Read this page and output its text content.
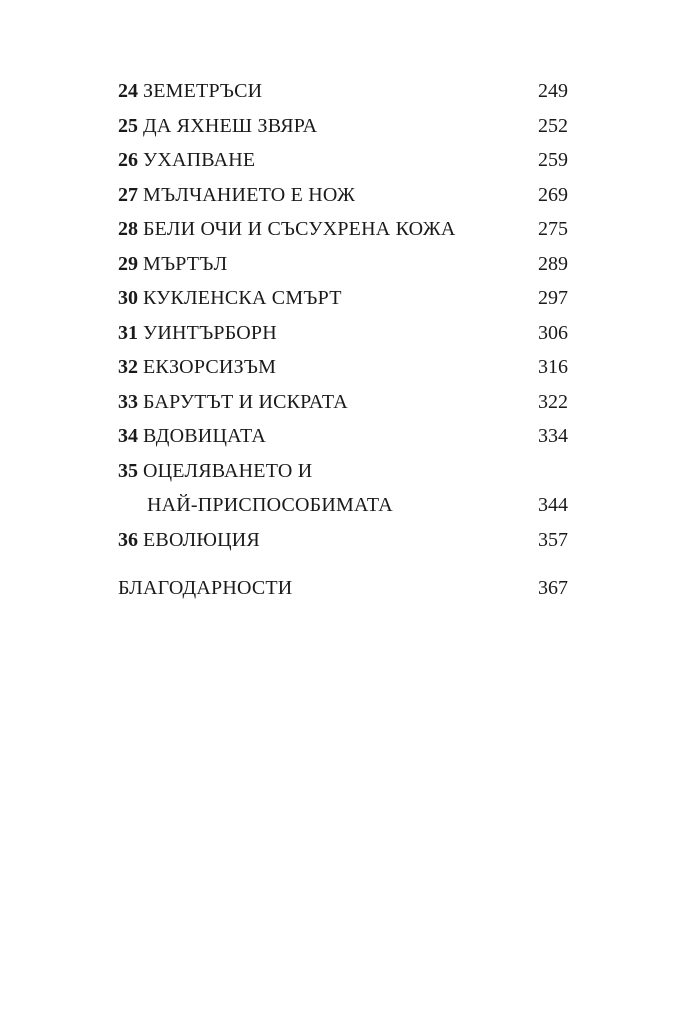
24 ЗЕМЕТРЪСИ	249
25 ДА ЯХНЕШ ЗВЯРА	252
26 УХАПВАНЕ	259
27 МЪЛЧАНИЕТО Е НОЖ	269
28 БЕЛИ ОЧИ И СЪСУХРЕНА КОЖА	275
29 МЪРТЪЛ	289
30 КУКЛЕНСКА СМЪРТ	297
31 УИНТЪРБОРН	306
32 ЕКЗОРСИЗЪМ	316
33 БАРУТЪТ И ИСКРАТА	322
34 ВДОВИЦАТА	334
35 ОЦЕЛЯВАНЕТО И
НАЙ-ПРИСПОСОБИМАТА	344
36 ЕВОЛЮЦИЯ	357
БЛАГОДАРНОСТИ	367
